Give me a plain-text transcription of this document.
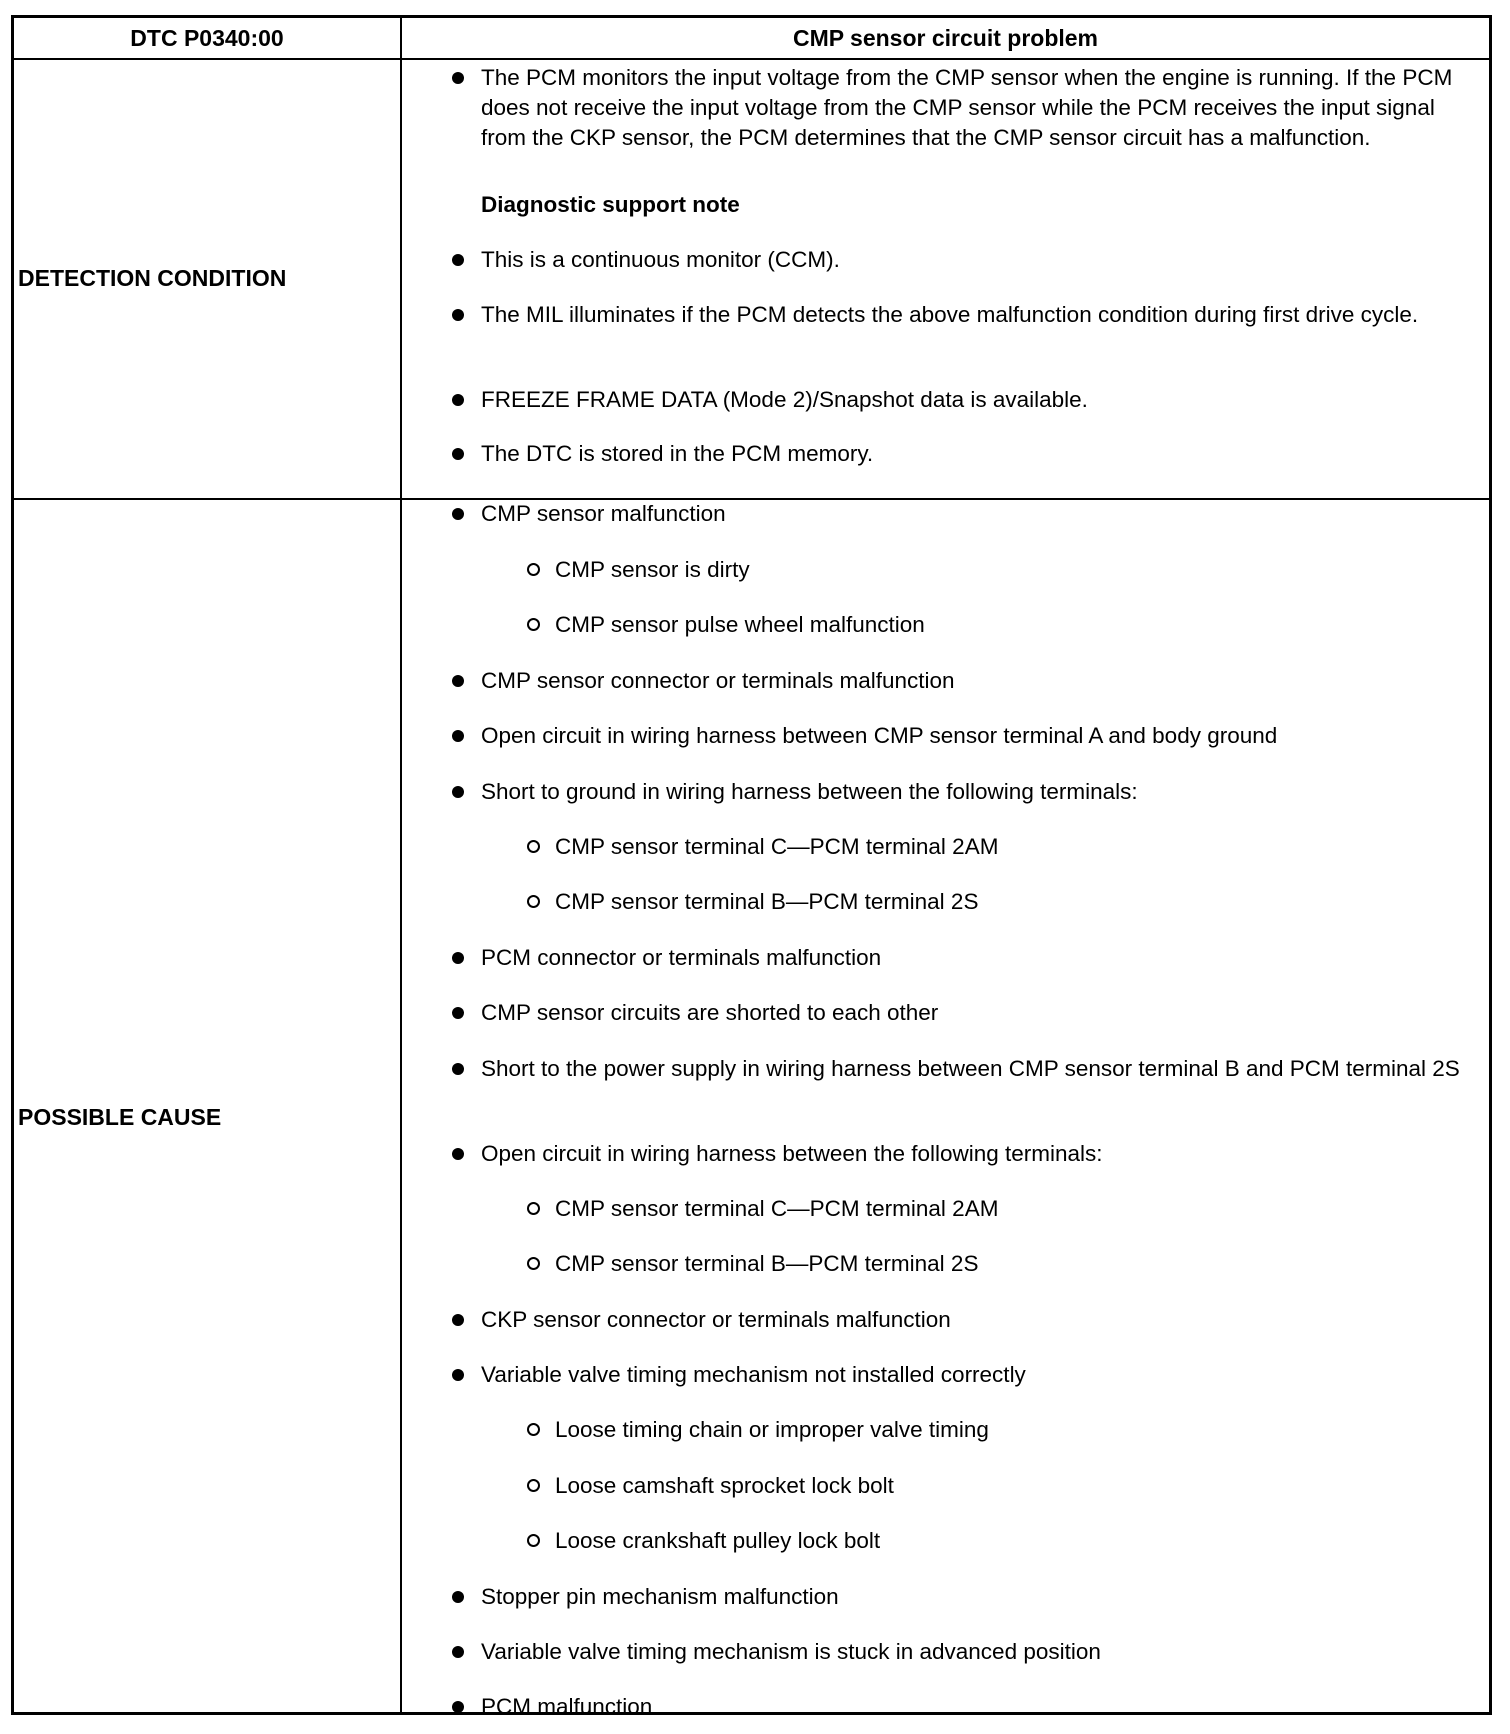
DTC P0340:00	CMP sensor circuit problem
DETECTION CONDITION
POSSIBLE CAUSE
The PCM monitors the input voltage from the CMP sensor when the engine is running. If the PCM does not receive the input voltage from the CMP sensor while the PCM receives the input signal from the CKP sensor, the PCM determines that the CMP sensor circuit has a malfunction.
Diagnostic support note
This is a continuous monitor (CCM).
The MIL illuminates if the PCM detects the above malfunction condition during first drive cycle.
FREEZE FRAME DATA (Mode 2)/Snapshot data is available.
The DTC is stored in the PCM memory.
CMP sensor malfunction
CMP sensor is dirty
CMP sensor pulse wheel malfunction
CMP sensor connector or terminals malfunction
Open circuit in wiring harness between CMP sensor terminal A and body ground
Short to ground in wiring harness between the following terminals:
CMP sensor terminal C—PCM terminal 2AM
CMP sensor terminal B—PCM terminal 2S
PCM connector or terminals malfunction
CMP sensor circuits are shorted to each other
Short to the power supply in wiring harness between CMP sensor terminal B and PCM terminal 2S
Open circuit in wiring harness between the following terminals:
CMP sensor terminal C—PCM terminal 2AM
CMP sensor terminal B—PCM terminal 2S
CKP sensor connector or terminals malfunction
Variable valve timing mechanism not installed correctly
Loose timing chain or improper valve timing
Loose camshaft sprocket lock bolt
Loose crankshaft pulley lock bolt
Stopper pin mechanism malfunction
Variable valve timing mechanism is stuck in advanced position
PCM malfunction
